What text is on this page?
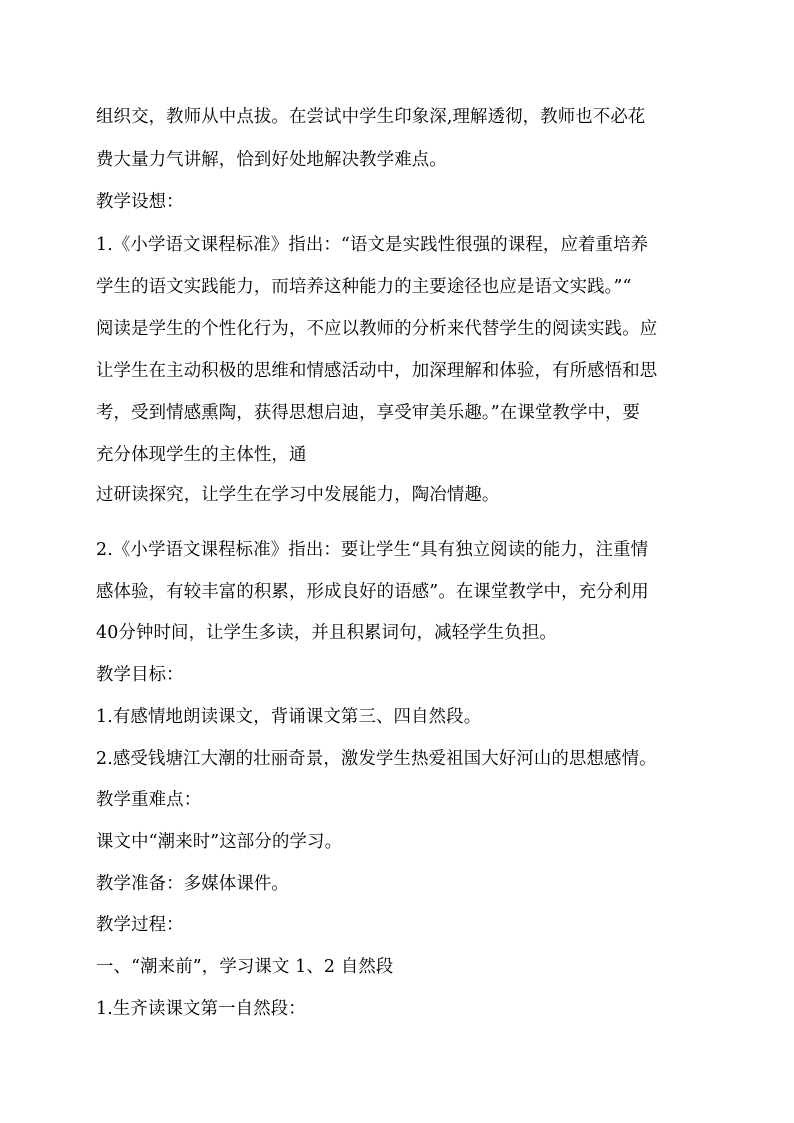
组织交，教师从中点拔。在尝试中学生印象深,理解透彻，教师也不必花
费大量力气讲解，恰到好处地解决教学难点。
教学设想：
1.《小学语文课程标准》指出：“语文是实践性很强的课程，应着重培养
学生的语文实践能力，而培养这种能力的主要途径也应是语文实践。”“
阅读是学生的个性化行为，不应以教师的分析来代替学生的阅读实践。应
让学生在主动积极的思维和情感活动中，加深理解和体验，有所感悟和思
考，受到情感熏陶，获得思想启迪，享受审美乐趣。”在课堂教学中，要
充分体现学生的主体性，通
过研读探究，让学生在学习中发展能力，陶冶情趣。
2.《小学语文课程标准》指出：要让学生“具有独立阅读的能力，注重情
感体验，有较丰富的积累，形成良好的语感”。在课堂教学中，充分利用
40分钟时间，让学生多读，并且积累词句，减轻学生负担。
教学目标：
1.有感情地朗读课文，背诵课文第三、四自然段。
2.感受钱塘江大潮的壮丽奇景，激发学生热爱祖国大好河山的思想感情。
教学重难点：
课文中“潮来时”这部分的学习。
教学准备：多媒体课件。
教学过程：
一、“潮来前”，学习课文 1、2 自然段
1.生齐读课文第一自然段：
